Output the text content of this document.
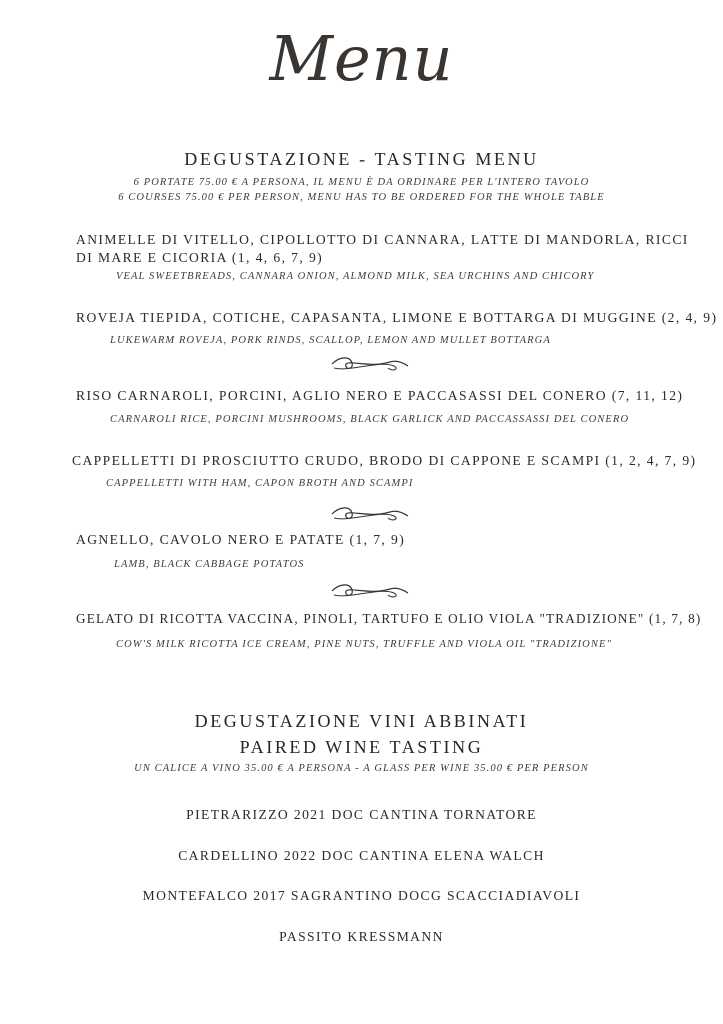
Menu
DEGUSTAZIONE - TASTING MENU
6 PORTATE 75.00 € A PERSONA, IL MENU È DA ORDINARE PER L'INTERO TAVOLO
6 COURSES 75.00 € PER PERSON, MENU HAS TO BE ORDERED FOR THE WHOLE TABLE
ANIMELLE DI VITELLO, CIPOLLOTTO DI CANNARA, LATTE DI MANDORLA, RICCI
DI MARE E CICORIA (1, 4, 6, 7, 9)
VEAL SWEETBREADS, CANNARA ONION, ALMOND MILK, SEA URCHINS AND CHICORY
ROVEJA TIEPIDA, COTICHE, CAPASANTA, LIMONE E BOTTARGA DI MUGGINE (2, 4, 9)
LUKEWARM ROVEJA, PORK RINDS, SCALLOP, LEMON AND MULLET BOTTARGA
RISO CARNAROLI, PORCINI, AGLIO NERO E PACCASASSI DEL CONERO (7, 11, 12)
CARNAROLI RICE, PORCINI MUSHROOMS, BLACK GARLICK AND PACCASSASSI DEL CONERO
CAPPELLETTI DI PROSCIUTTO CRUDO, BRODO DI CAPPONE E SCAMPI (1, 2, 4, 7, 9)
CAPPELLETTI WITH HAM, CAPON BROTH AND SCAMPI
AGNELLO, CAVOLO NERO E PATATE (1, 7, 9)
LAMB, BLACK CABBAGE POTATOS
GELATO DI RICOTTA VACCINA, PINOLI, TARTUFO E OLIO VIOLA "TRADIZIONE" (1, 7, 8)
COW'S MILK RICOTTA ICE CREAM, PINE NUTS, TRUFFLE AND VIOLA OIL "TRADIZIONE"
DEGUSTAZIONE VINI ABBINATI
PAIRED WINE TASTING
UN CALICE A VINO 35.00 € A PERSONA - A GLASS PER WINE 35.00 € PER PERSON
PIETRARIZZO 2021 DOC CANTINA TORNATORE
CARDELLINO 2022 DOC CANTINA ELENA WALCH
MONTEFALCO 2017 SAGRANTINO DOCG SCACCIADIAVOLI
PASSITO KRESSMANN
